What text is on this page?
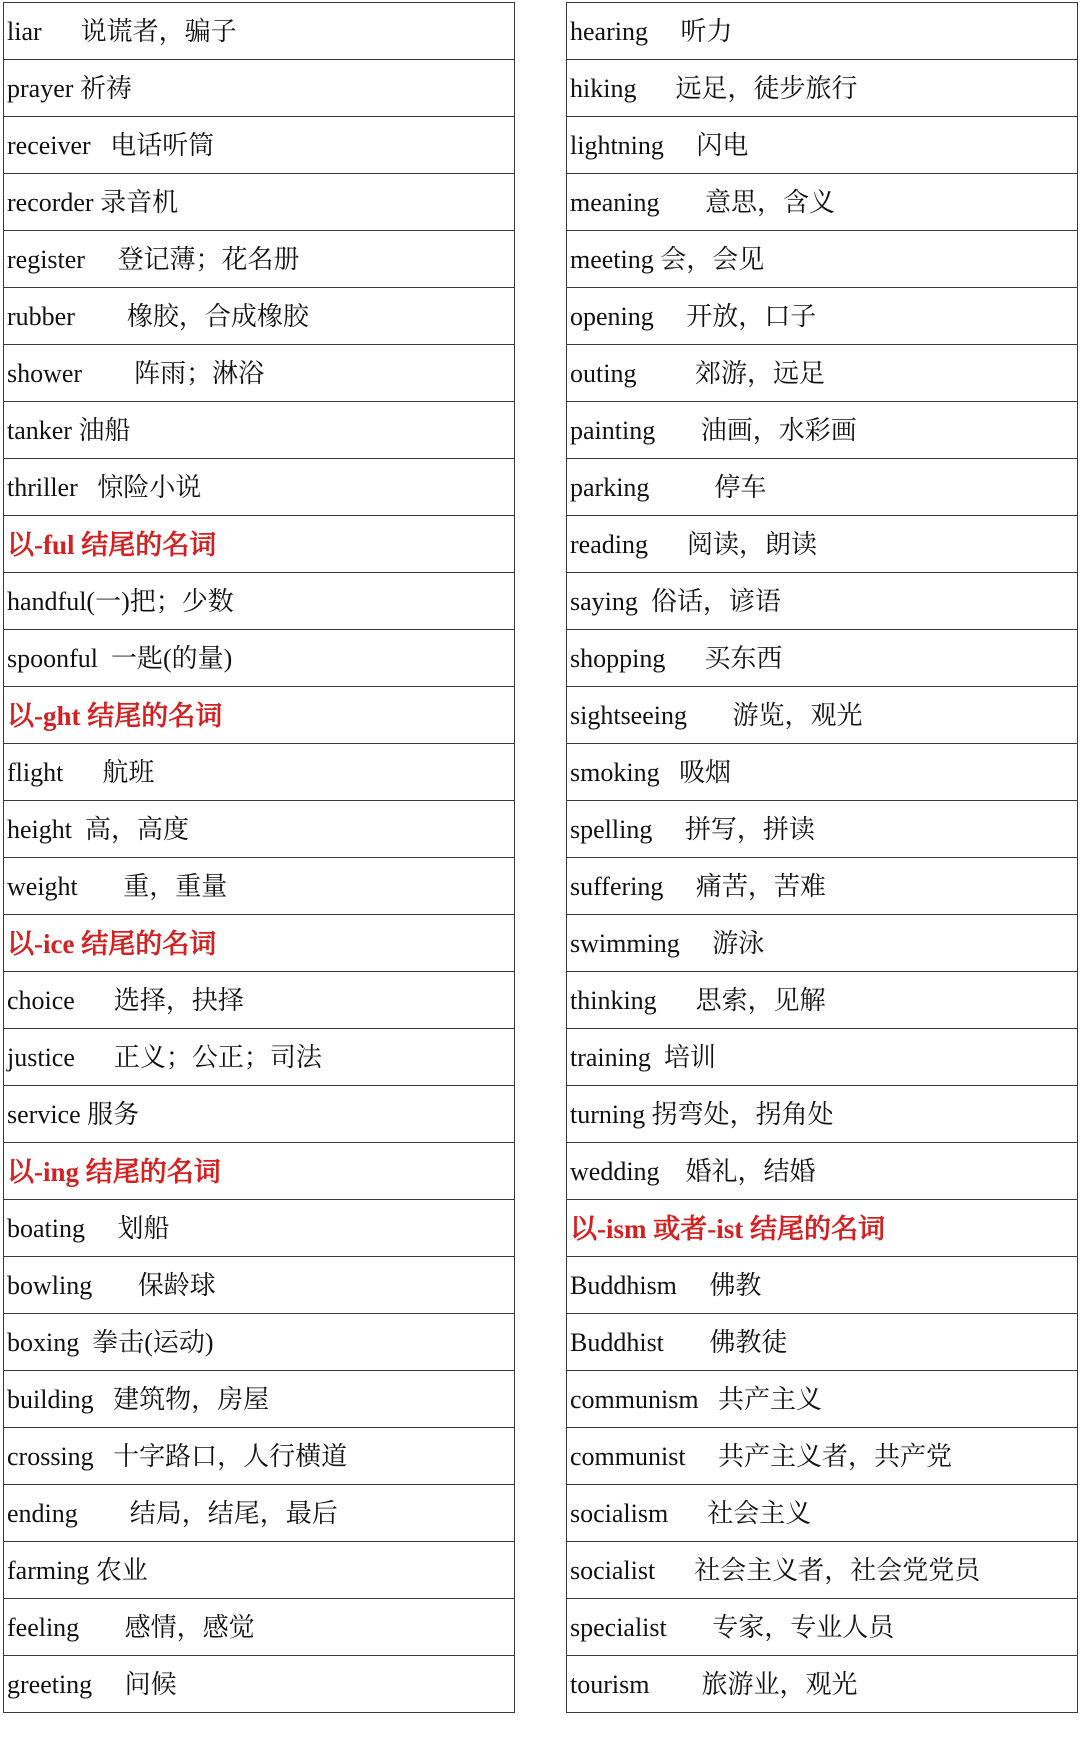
liar　  说谎者，骗子
prayer 祈祷
receiver   电话听筒
recorder 录音机
register     登记薄；花名册
rubber        橡胶，合成橡胶
shower        阵雨；淋浴
tanker 油船
thriller   惊险小说
以-ful 结尾的名词
handful(一)把；少数
spoonful  一匙(的量)
以-ght 结尾的名词
flight      航班
height  高，高度
weight       重，重量
以-ice 结尾的名词
choice      选择，抉择
justice      正义；公正；司法
service 服务
以-ing 结尾的名词
boating     划船
bowling       保龄球
boxing  拳击(运动)
building   建筑物，房屋
crossing   十字路口，人行横道
ending        结局，结尾，最后
farming 农业
feeling       感情，感觉
greeting     问候
hearing     听力
hiking      远足，徒步旅行
lightning     闪电
meaning       意思，含义
meeting 会，会见
opening     开放，口子
outing         郊游，远足
painting       油画，水彩画
parking          停车
reading      阅读，朗读
saying  俗话，谚语
shopping      买东西
sightseeing       游览，观光
smoking   吸烟
spelling     拼写，拼读
suffering     痛苦，苦难
swimming     游泳
thinking      思索，见解
training  培训
turning 拐弯处，拐角处
wedding    婚礼，结婚
以-ism 或者-ist 结尾的名词
Buddhism     佛教
Buddhist       佛教徒
communism   共产主义
communist     共产主义者，共产党
socialism      社会主义
socialist      社会主义者，社会党党员
specialist       专家，专业人员
tourism        旅游业，观光
